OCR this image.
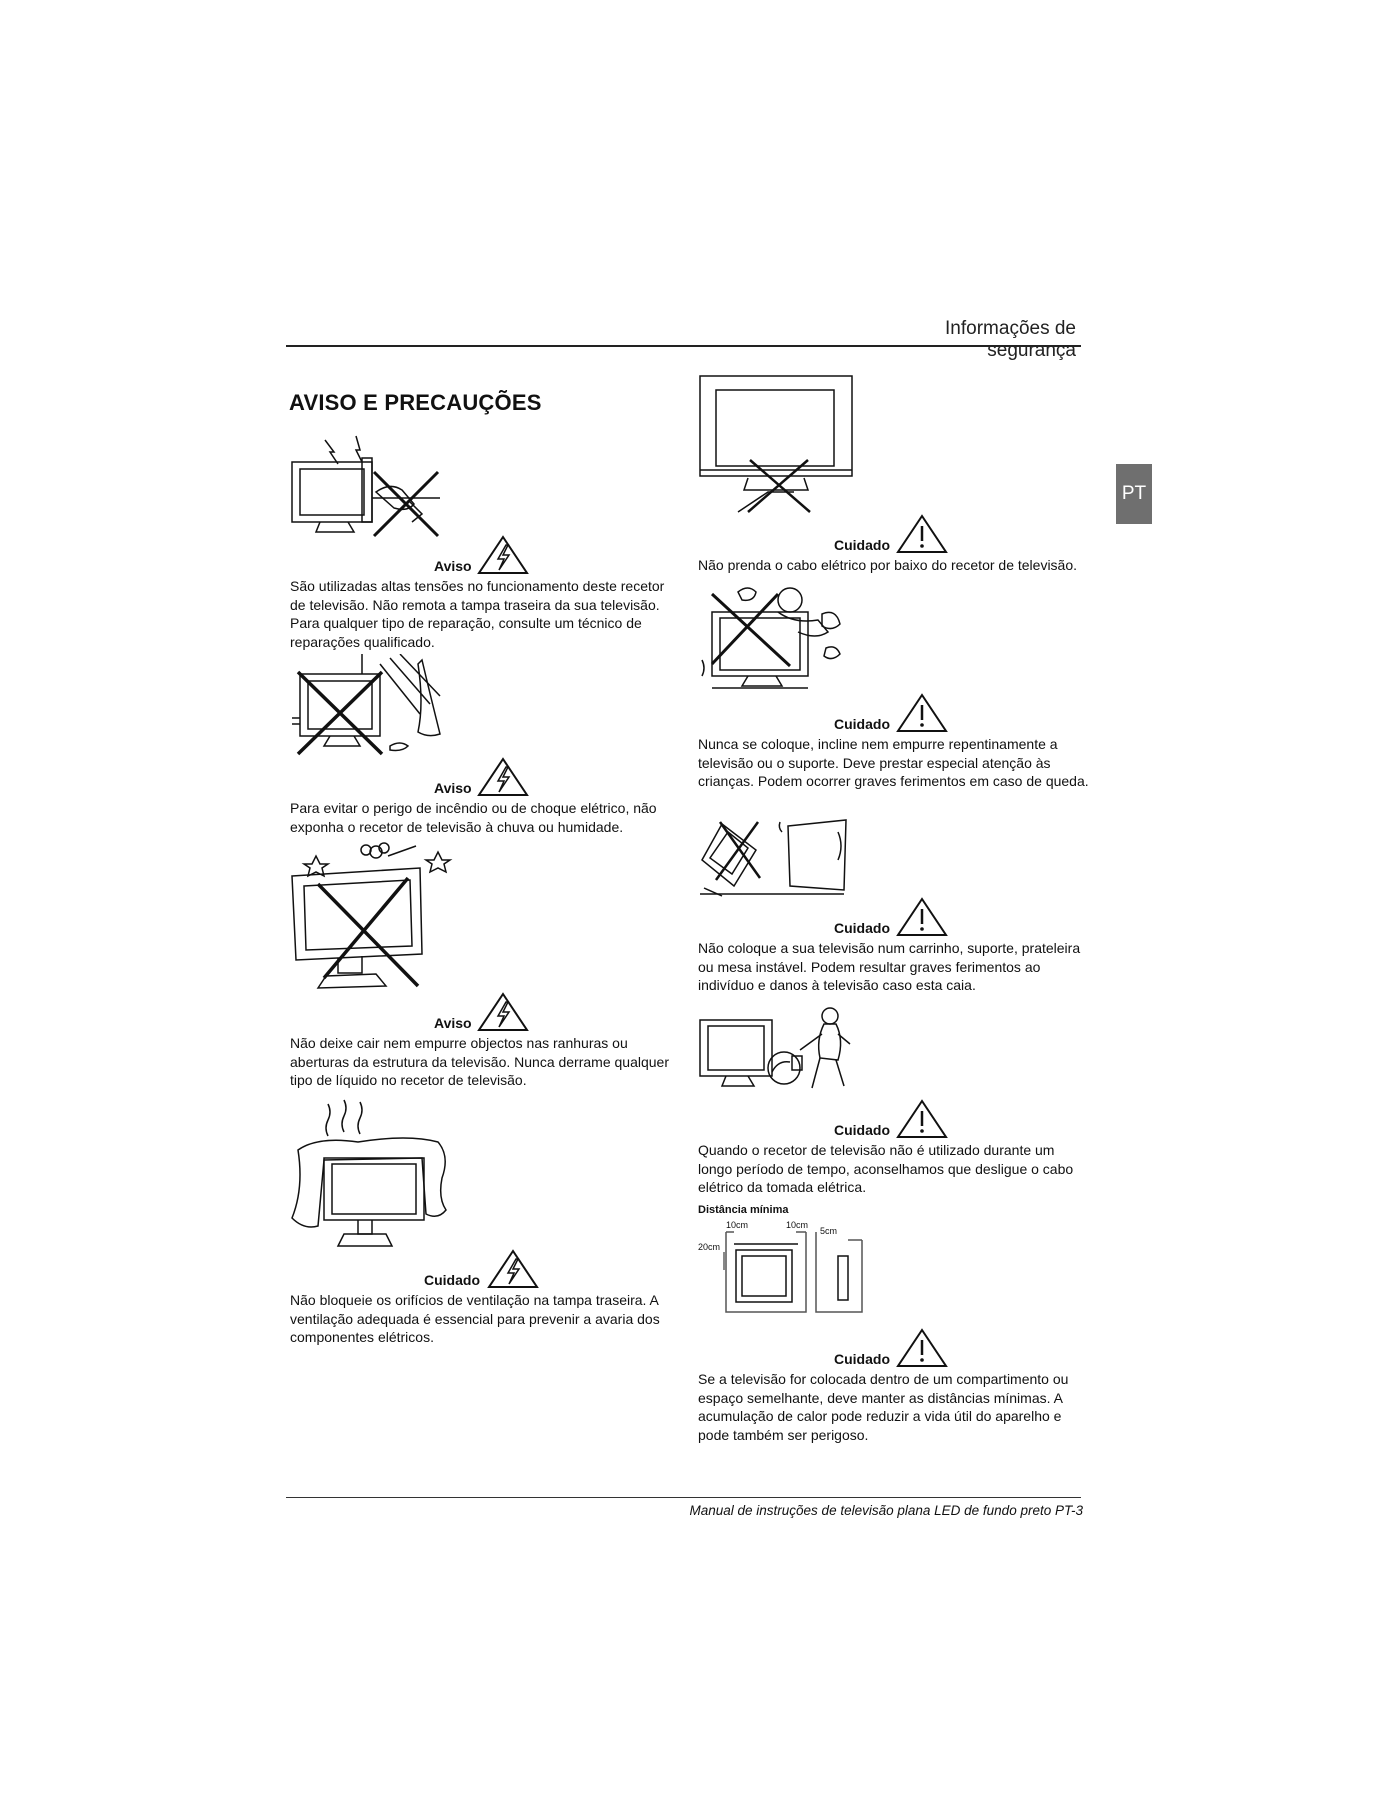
Informações de segurança
PT
AVISO E PRECAUÇÕES
Aviso
São utilizadas altas tensões no funcionamento deste recetor de televisão. Não remota a tampa traseira da sua televisão. Para qualquer tipo de reparação, consulte um técnico de reparações qualificado.
Aviso
Para evitar o perigo de incêndio ou de choque elétrico, não exponha o recetor de televisão à chuva ou humidade.
Aviso
Não deixe cair nem empurre objectos nas ranhuras ou aberturas da estrutura da televisão. Nunca derrame qualquer tipo de líquido no recetor de televisão.
Cuidado
Não bloqueie os orifícios de ventilação na tampa traseira. A ventilação adequada é essencial para prevenir a avaria dos componentes elétricos.
Cuidado
Não prenda o cabo elétrico por baixo do recetor de televisão.
Cuidado
Nunca se coloque, incline nem empurre repentinamente a televisão ou o suporte. Deve prestar especial atenção às crianças. Podem ocorrer graves ferimentos em caso de queda.
Cuidado
Não coloque a sua televisão num carrinho, suporte, prateleira ou mesa instável. Podem resultar graves ferimentos ao indivíduo e danos à televisão caso esta caia.
Cuidado
Quando o recetor de televisão não é utilizado durante um longo período de tempo, aconselhamos que desligue o cabo elétrico da tomada elétrica.
Distância mínima
10cm	10cm
5cm
20cm
Cuidado
Se a televisão for colocada dentro de um compartimento ou espaço semelhante, deve manter as distâncias mínimas. A acumulação de calor pode reduzir a vida útil do aparelho e pode também ser perigoso.
Manual de instruções de televisão plana LED de fundo preto PT-3
